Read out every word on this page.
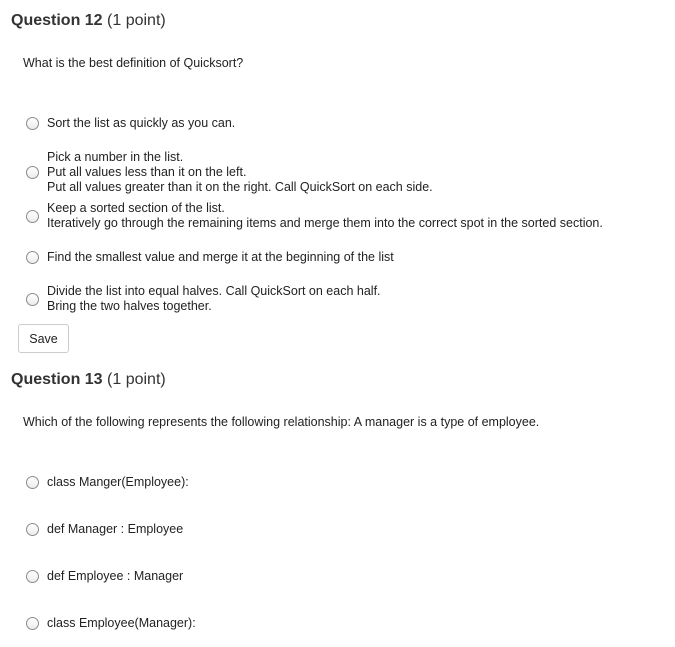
Question 12 (1 point)
What is the best definition of Quicksort?
Sort the list as quickly as you can.
Pick a number in the list.
Put all values less than it on the left.
Put all values greater than it on the right. Call QuickSort on each side.
Keep a sorted section of the list.
Iteratively go through the remaining items and merge them into the correct spot in the sorted section.
Find the smallest value and merge it at the beginning of the list
Divide the list into equal halves. Call QuickSort on each half.
Bring the two halves together.
Save
Question 13 (1 point)
Which of the following represents the following relationship: A manager is a type of employee.
class Manger(Employee):
def Manager : Employee
def Employee : Manager
class Employee(Manager):
